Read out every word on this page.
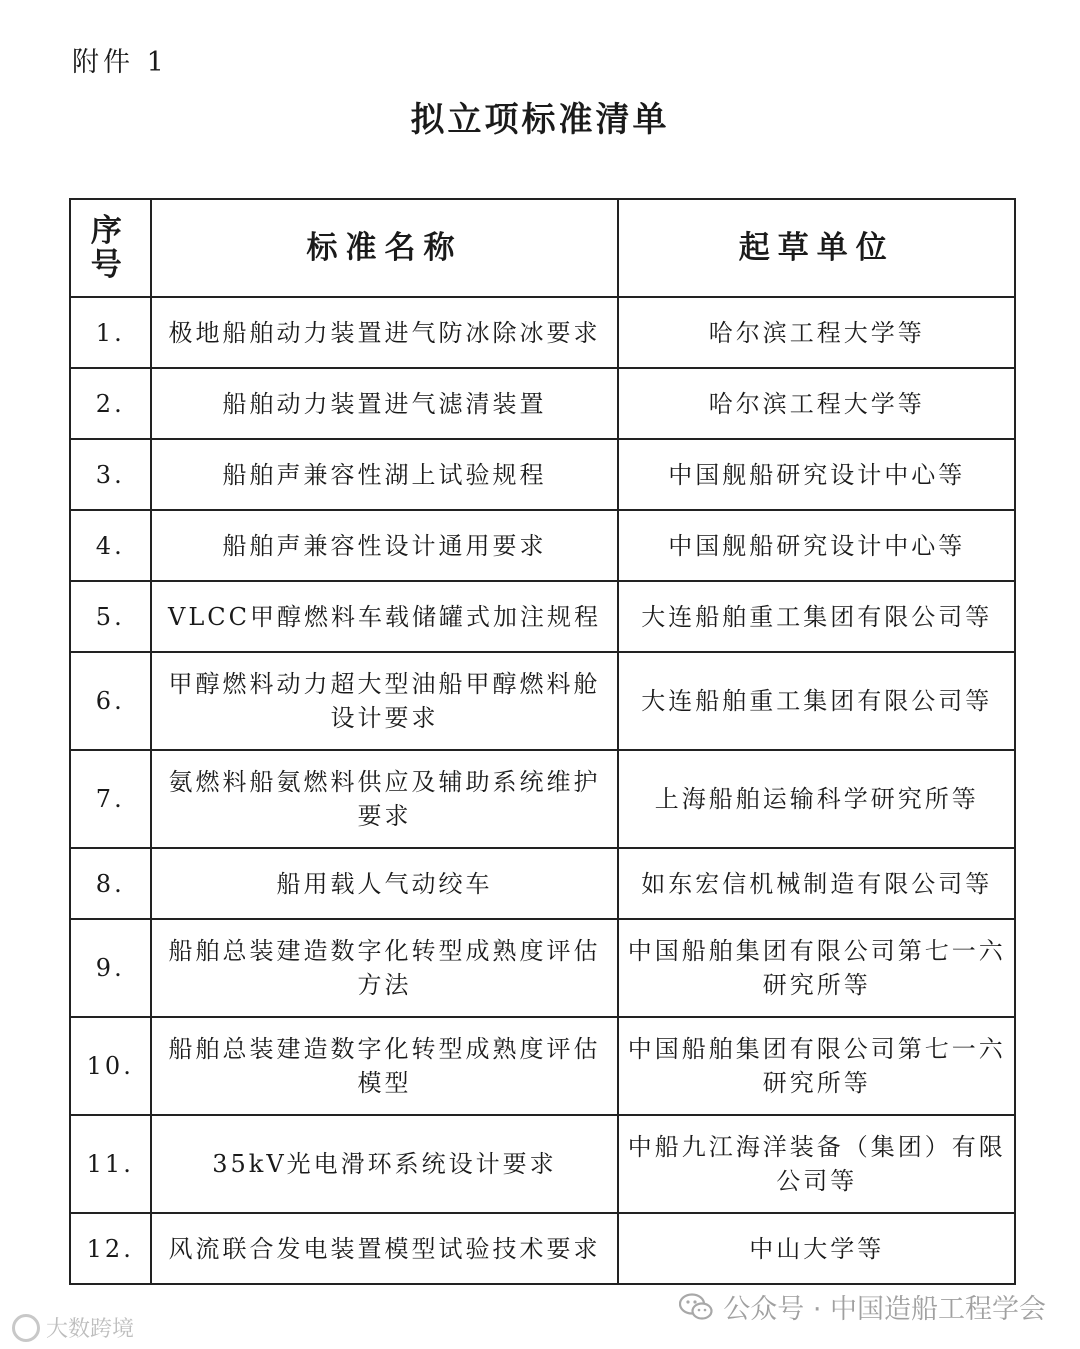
附件 1
拟立项标准清单
序号	标准名称	起草单位
1.	极地船舶动力装置进气防冰除冰要求	哈尔滨工程大学等
2.	船舶动力装置进气滤清装置	哈尔滨工程大学等
3.	船舶声兼容性湖上试验规程	中国舰船研究设计中心等
4.	船舶声兼容性设计通用要求	中国舰船研究设计中心等
5.	VLCC甲醇燃料车载储罐式加注规程	大连船舶重工集团有限公司等
6.	甲醇燃料动力超大型油船甲醇燃料舱设计要求	大连船舶重工集团有限公司等
7.	氨燃料船氨燃料供应及辅助系统维护要求	上海船舶运输科学研究所等
8.	船用载人气动绞车	如东宏信机械制造有限公司等
9.	船舶总装建造数字化转型成熟度评估方法	中国船舶集团有限公司第七一六研究所等
10.	船舶总装建造数字化转型成熟度评估模型	中国船舶集团有限公司第七一六研究所等
11.	35kV光电滑环系统设计要求	中船九江海洋装备（集团）有限公司等
12.	风流联合发电装置模型试验技术要求	中山大学等
大数跨境
公众号 · 中国造船工程学会
